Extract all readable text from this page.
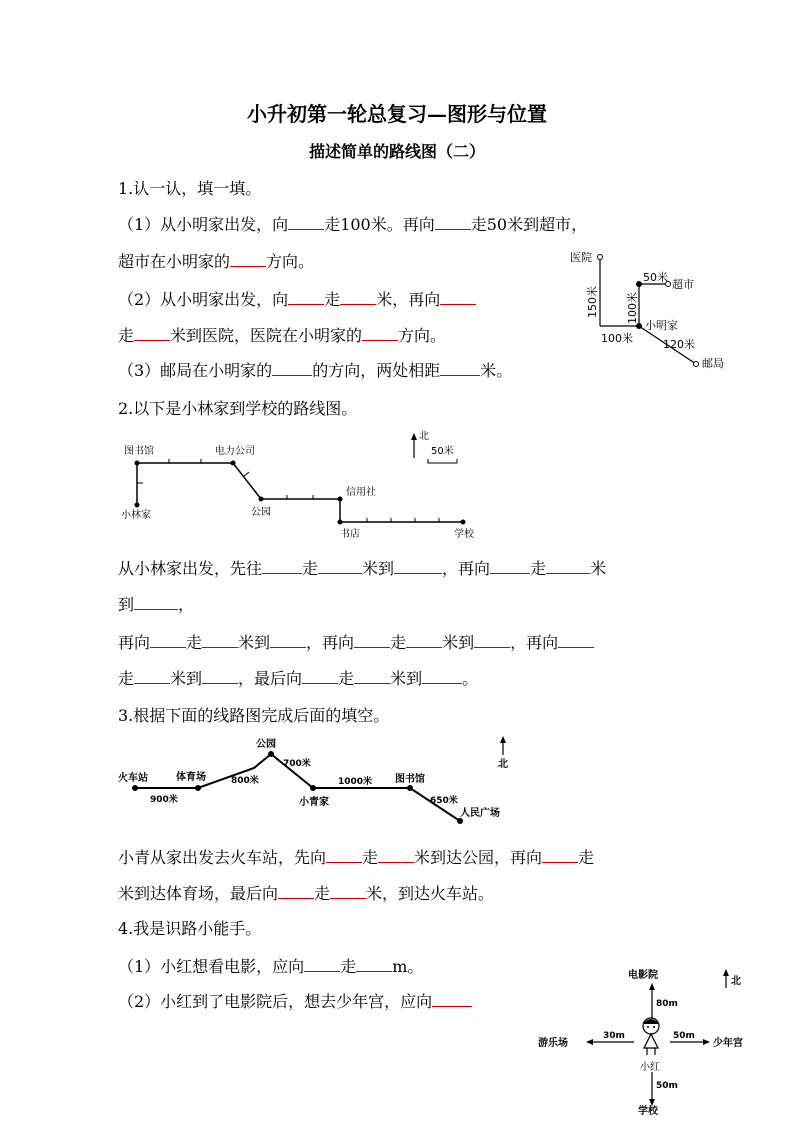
小升初第一轮总复习—图形与位置
描述简单的路线图（二）
1.认一认，填一填。
（1）从小明家出发，向 走100米。再向 走50米到超市，
超市在小明家的 方向。
（2）从小明家出发，向 走 米，再向
走 米到医院，医院在小明家的 方向。
（3）邮局在小明家的	的方向，两处相距	米。
医院
超市
50米
小明家
100米	120米
邮局
150米 100米
2.以下是小林家到学校的路线图。
图书馆	电力公司
小林家	公园
信用社
书店	学校
北
50米
从小林家出发，先往	走	米到	，再向	走	米
到	，
再向 走 米到 ，再向 走 米到 ，再向
走 米到 ，最后向 走 米到	。
3.根据下面的线路图完成后面的填空。
火车站	体育场
公园
700米
800米
900米	小青家
1000米 图书馆
650米
人民广场
北
小青从家出发去火车站，先向 走 米到达公园，再向 走
米到达体育场，最后向 走 米，到达火车站。
4.我是识路小能手。
（1）小红想看电影，应向 走 m。
（2）小红到了电影院后，想去少年宫，应向
电影院
80m
游乐场
30m	50m
少年宫
小红
50m
学校
北
